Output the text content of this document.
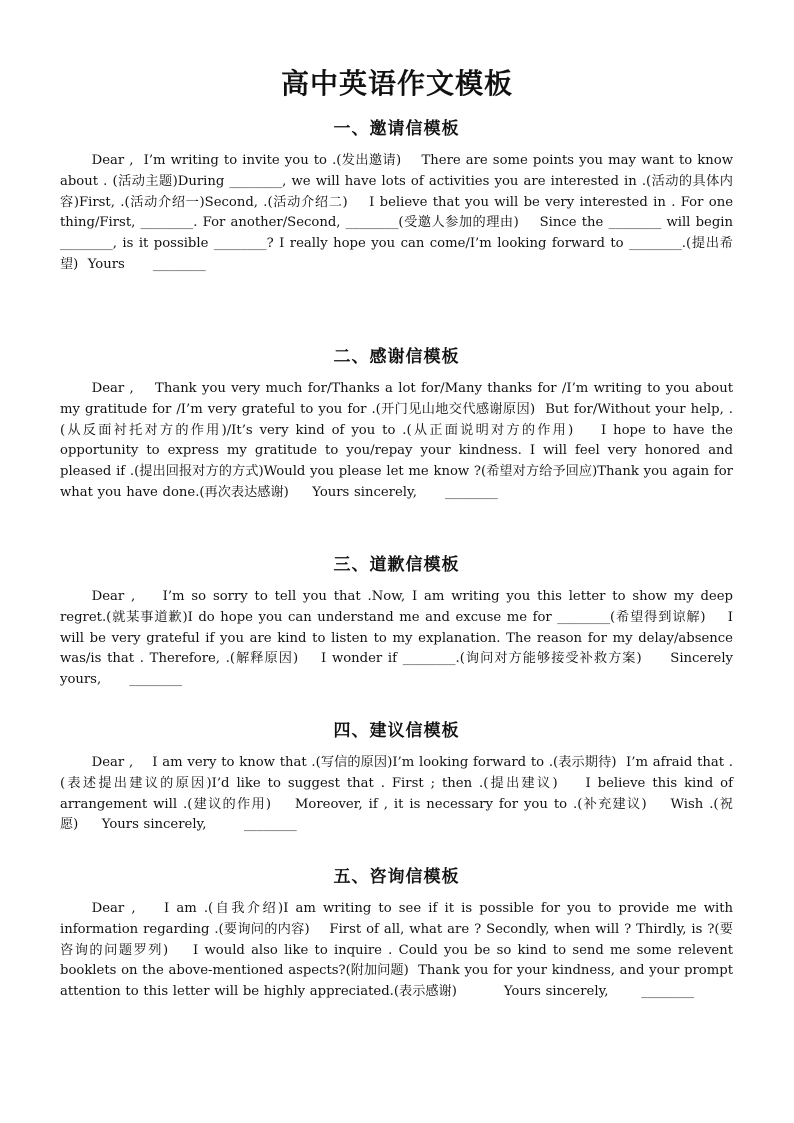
高中英语作文模板
一、邀请信模板
Dear ,  I’m writing to invite you to .(发出邀请)    There are some points you may want to know about . (活动主题)During ________, we will have lots of activities you are interested in .(活动的具体内容)First, .(活动介绍一)Second, .(活动介绍二)    I believe that you will be very interested in . For one thing/First, ________. For another/Second, ________(受邀人参加的理由)    Since the ________ will begin ________, is it possible ________? I really hope you can come/I’m looking forward to ________.(提出希望)  Yours      ________
二、感谢信模板
Dear ,    Thank you very much for/Thanks a lot for/Many thanks for /I’m writing to you about my gratitude for /I’m very grateful to you for .(开门见山地交代感谢原因)  But for/Without your help, .(从反面衬托对方的作用)/It’s very kind of you to .(从正面说明对方的作用)    I hope to have the opportunity to express my gratitude to you/repay your kindness. I will feel very honored and pleased if .(提出回报对方的方式)Would you please let me know ?(希望对方给予回应)Thank you again for what you have done.(再次表达感谢)     Yours sincerely,      ________
三、道歉信模板
Dear ,    I’m so sorry to tell you that .Now, I am writing you this letter to show my deep regret.(就某事道歉)I do hope you can understand me and excuse me for ________(希望得到谅解)    I will be very grateful if you are kind to listen to my explanation. The reason for my delay/absence was/is that . Therefore, .(解释原因)    I wonder if ________.(询问对方能够接受补救方案)     Sincerely yours,      ________
四、建议信模板
Dear ,    I am very to know that .(写信的原因)I’m looking forward to .(表示期待)  I’m afraid that .(表述提出建议的原因)I’d like to suggest that . First ; then .(提出建议)    I believe this kind of arrangement will .(建议的作用)    Moreover, if , it is necessary for you to .(补充建议)    Wish .(祝愿)     Yours sincerely,        ________
五、咨询信模板
Dear ,    I am .(自我介绍)I am writing to see if it is possible for you to provide me with information regarding .(要询问的内容)    First of all, what are ? Secondly, when will ? Thirdly, is ?(要咨询的问题罗列)    I would also like to inquire . Could you be so kind to send me some relevent booklets on the above-mentioned aspects?(附加问题)  Thank you for your kindness, and your prompt attention to this letter will be highly appreciated.(表示感谢)          Yours sincerely,       ________
